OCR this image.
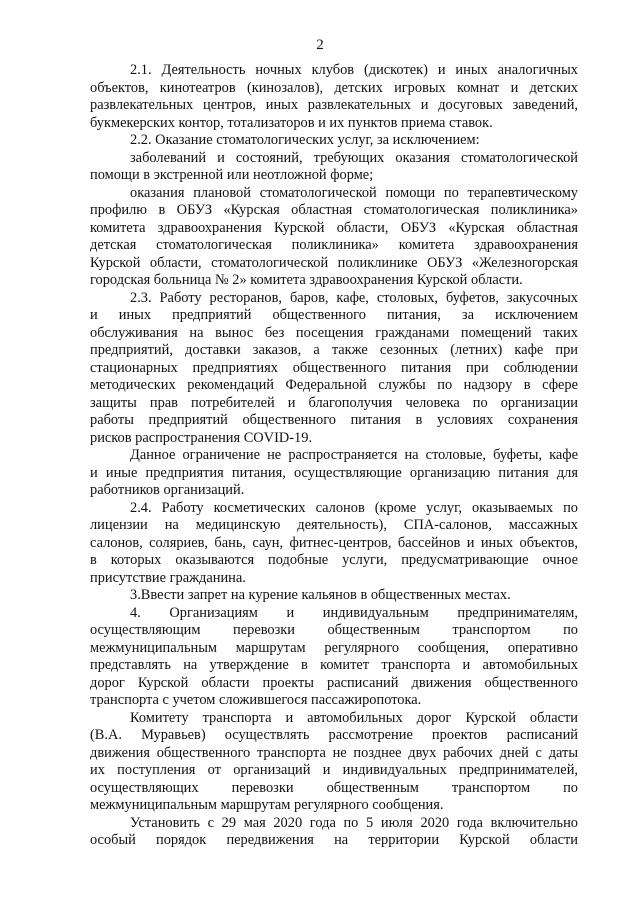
2
2.1. Деятельность ночных клубов (дискотек) и иных аналогичных
объектов, кинотеатров (кинозалов), детских игровых комнат и детских
развлекательных центров, иных развлекательных и досуговых заведений,
букмекерских контор, тотализаторов и их пунктов приема ставок.
2.2. Оказание стоматологических услуг, за исключением:
заболеваний и состояний, требующих оказания стоматологической
помощи в экстренной или неотложной форме;
оказания плановой стоматологической помощи по терапевтическому
профилю в ОБУЗ «Курская областная стоматологическая поликлиника»
комитета здравоохранения Курской области, ОБУЗ «Курская областная
детская стоматологическая поликлиника» комитета здравоохранения
Курской области, стоматологической поликлинике ОБУЗ «Железногорская
городская больница № 2» комитета здравоохранения Курской области.
2.3. Работу ресторанов, баров, кафе, столовых, буфетов, закусочных
и иных предприятий общественного питания, за исключением
обслуживания на вынос без посещения гражданами помещений таких
предприятий, доставки заказов, а также сезонных (летних) кафе при
стационарных предприятиях общественного питания при соблюдении
методических рекомендаций Федеральной службы по надзору в сфере
защиты прав потребителей и благополучия человека по организации
работы предприятий общественного питания в условиях сохранения
рисков распространения COVID-19.
Данное ограничение не распространяется на столовые, буфеты, кафе
и иные предприятия питания, осуществляющие организацию питания для
работников организаций.
2.4. Работу косметических салонов (кроме услуг, оказываемых по
лицензии на медицинскую деятельность), СПА-салонов, массажных
салонов, соляриев, бань, саун, фитнес-центров, бассейнов и иных объектов,
в которых оказываются подобные услуги, предусматривающие очное
присутствие гражданина.
3.Ввести запрет на курение кальянов в общественных местах.
4. Организациям и индивидуальным предпринимателям,
осуществляющим перевозки общественным транспортом по
межмуниципальным маршрутам регулярного сообщения, оперативно
представлять на утверждение в комитет транспорта и автомобильных
дорог Курской области проекты расписаний движения общественного
транспорта с учетом сложившегося пассажиропотока.
Комитету транспорта и автомобильных дорог Курской области
(В.А. Муравьев) осуществлять рассмотрение проектов расписаний
движения общественного транспорта не позднее двух рабочих дней с даты
их поступления от организаций и индивидуальных предпринимателей,
осуществляющих перевозки общественным транспортом по
межмуниципальным маршрутам регулярного сообщения.
Установить с 29 мая 2020 года по 5 июля 2020 года включительно
особый порядок передвижения на территории Курской области
